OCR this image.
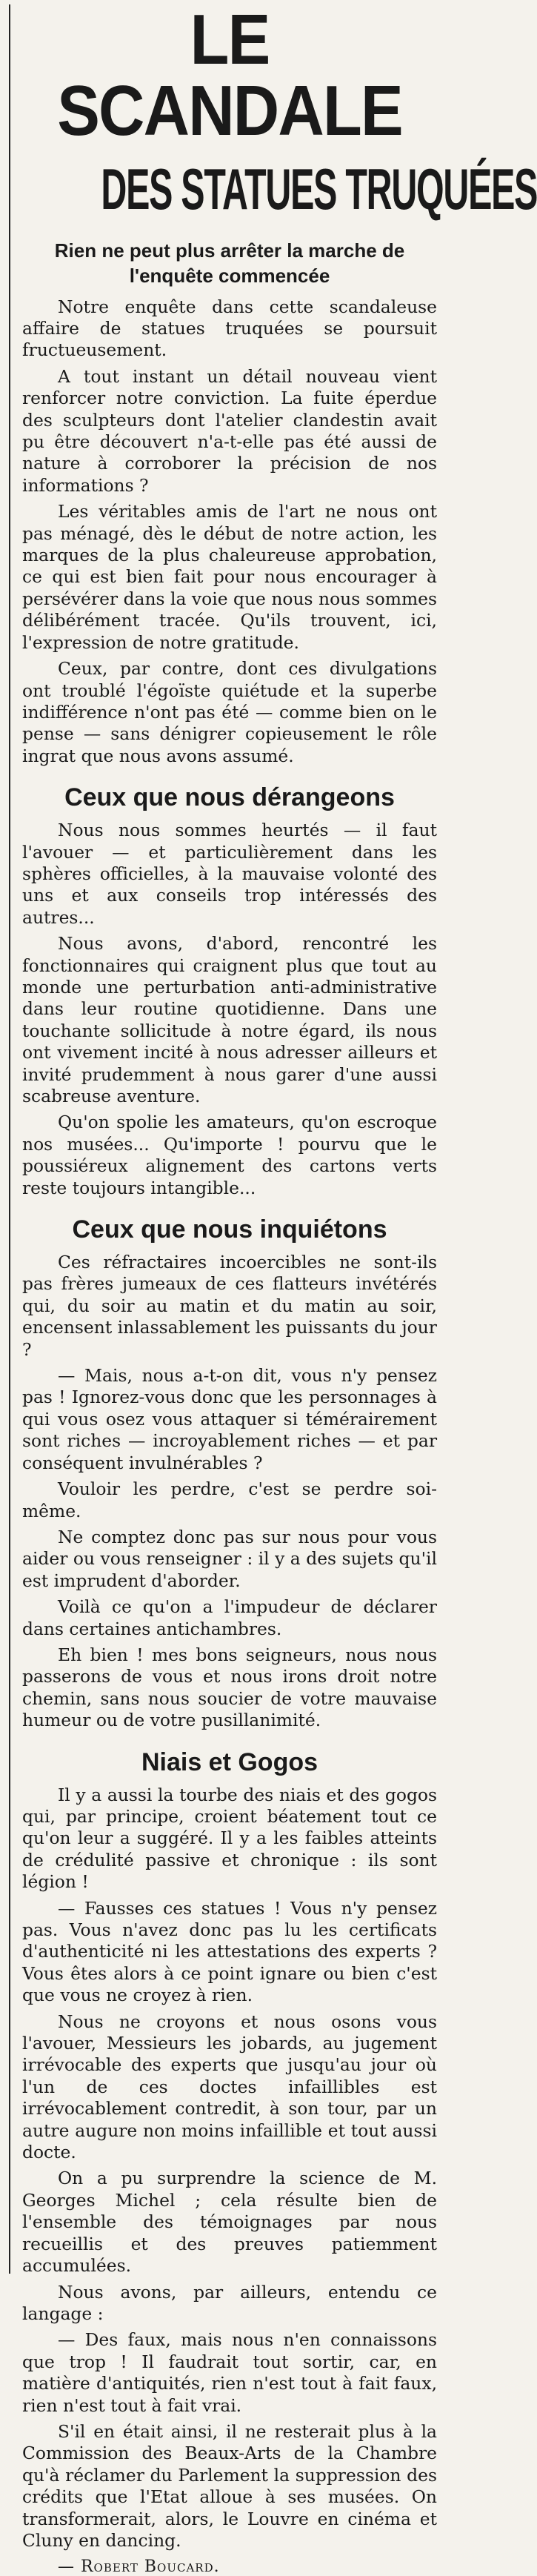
LE SCANDALE
DES STATUES TRUQUÉES
Rien ne peut plus arrêter la marche de l'enquête commencée

Notre enquête dans cette scandaleuse affaire de statues truquées se poursuit fructueusement.

A tout instant un détail nouveau vient renforcer notre conviction. La fuite éperdue des sculpteurs dont l'atelier clandestin avait pu être découvert n'a-t-elle pas été aussi de nature à corroborer la précision de nos informations ?

Les véritables amis de l'art ne nous ont pas ménagé, dès le début de notre action, les marques de la plus chaleureuse approbation, ce qui est bien fait pour nous encourager à persévérer dans la voie que nous nous sommes délibérément tracée. Qu'ils trouvent, ici, l'expression de notre gratitude.

Ceux, par contre, dont ces divulgations ont troublé l'égoïste quiétude et la superbe indifférence n'ont pas été — comme bien on le pense — sans dénigrer copieusement le rôle ingrat que nous avons assumé.

Ceux que nous dérangeons

Nous nous sommes heurtés — il faut l'avouer — et particulièrement dans les sphères officielles, à la mauvaise volonté des uns et aux conseils trop intéressés des autres...

Nous avons, d'abord, rencontré les fonctionnaires qui craignent plus que tout au monde une perturbation anti-administrative dans leur routine quotidienne. Dans une touchante sollicitude à notre égard, ils nous ont vivement incité à nous adresser ailleurs et invité prudemment à nous garer d'une aussi scabreuse aventure.

Qu'on spolie les amateurs, qu'on escroque nos musées... Qu'importe ! pourvu que le poussiéreux alignement des cartons verts reste toujours intangible...

Ceux que nous inquiétons

Ces réfractaires incoercibles ne sont-ils pas frères jumeaux de ces flatteurs invétérés qui, du soir au matin et du matin au soir, encensent inlassablement les puissants du jour ?

— Mais, nous a-t-on dit, vous n'y pensez pas ! Ignorez-vous donc que les personnages à qui vous osez vous attaquer si témérairement sont riches — incroyablement riches — et par conséquent invulnérables ?

Vouloir les perdre, c'est se perdre soi-même.

Ne comptez donc pas sur nous pour vous aider ou vous renseigner : il y a des sujets qu'il est imprudent d'aborder.

Voilà ce qu'on a l'impudeur de déclarer dans certaines antichambres.

Eh bien ! mes bons seigneurs, nous nous passerons de vous et nous irons droit notre chemin, sans nous soucier de votre mauvaise humeur ou de votre pusillanimité.

Niais et Gogos

Il y a aussi la tourbe des niais et des gogos qui, par principe, croient béatement tout ce qu'on leur a suggéré. Il y a les faibles atteints de crédulité passive et chronique : ils sont légion !

— Fausses ces statues ! Vous n'y pensez pas. Vous n'avez donc pas lu les certificats d'authenticité ni les attestations des experts ? Vous êtes alors à ce point ignare ou bien c'est que vous ne croyez à rien.

Nous ne croyons et nous osons vous l'avouer, Messieurs les jobards, au jugement irrévocable des experts que jusqu'au jour où l'un de ces doctes infaillibles est irrévocablement contredit, à son tour, par un autre augure non moins infaillible et tout aussi docte.

On a pu surprendre la science de M. Georges Michel ; cela résulte bien de l'ensemble des témoignages par nous recueillis et des preuves patiemment accumulées.

Nous avons, par ailleurs, entendu ce langage :

— Des faux, mais nous n'en connaissons que trop ! Il faudrait tout sortir, car, en matière d'antiquités, rien n'est tout à fait faux, rien n'est tout à fait vrai.

S'il en était ainsi, il ne resterait plus à la Commission des Beaux-Arts de la Chambre qu'à réclamer du Parlement la suppression des crédits que l'Etat alloue à ses musées. On transformerait, alors, le Louvre en cinéma et Cluny en dancing.

— Robert Boucard.
